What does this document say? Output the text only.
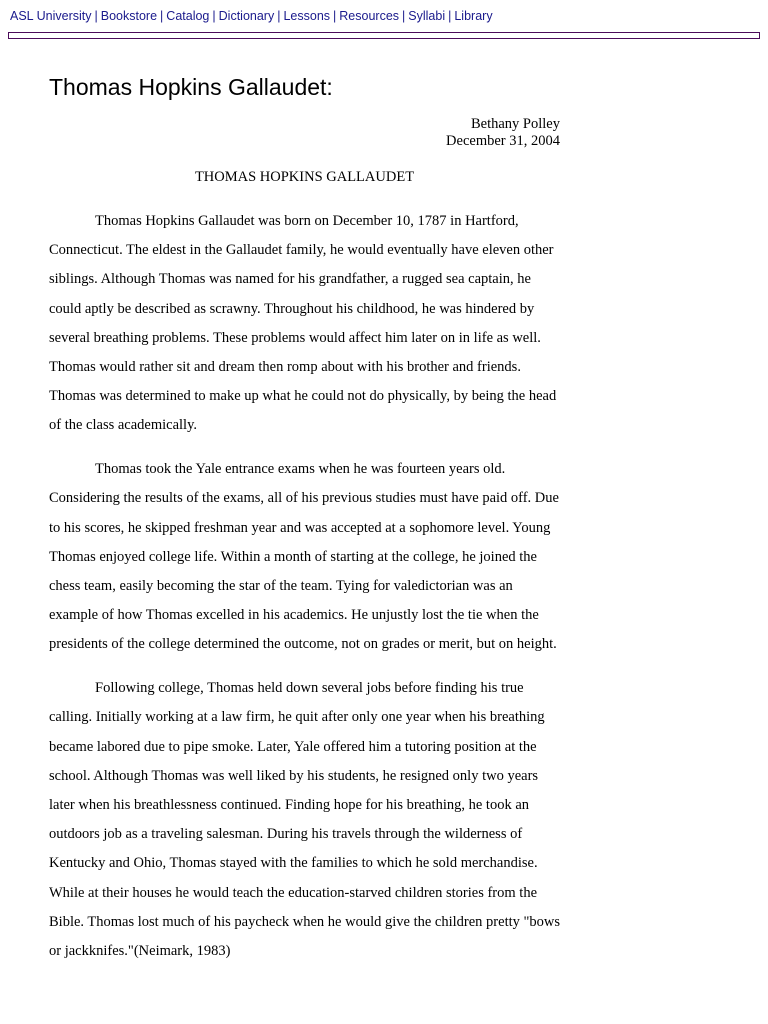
ASL University | Bookstore | Catalog | Dictionary | Lessons | Resources | Syllabi | Library
Thomas Hopkins Gallaudet:
Bethany Polley
December 31, 2004
THOMAS HOPKINS GALLAUDET

Thomas Hopkins Gallaudet was born on December 10, 1787 in Hartford, Connecticut. The eldest in the Gallaudet family, he would eventually have eleven other siblings. Although Thomas was named for his grandfather, a rugged sea captain, he could aptly be described as scrawny. Throughout his childhood, he was hindered by several breathing problems. These problems would affect him later on in life as well. Thomas would rather sit and dream then romp about with his brother and friends. Thomas was determined to make up what he could not do physically, by being the head of the class academically.

Thomas took the Yale entrance exams when he was fourteen years old. Considering the results of the exams, all of his previous studies must have paid off. Due to his scores, he skipped freshman year and was accepted at a sophomore level. Young Thomas enjoyed college life. Within a month of starting at the college, he joined the chess team, easily becoming the star of the team. Tying for valedictorian was an example of how Thomas excelled in his academics. He unjustly lost the tie when the presidents of the college determined the outcome, not on grades or merit, but on height.

Following college, Thomas held down several jobs before finding his true calling. Initially working at a law firm, he quit after only one year when his breathing became labored due to pipe smoke. Later, Yale offered him a tutoring position at the school. Although Thomas was well liked by his students, he resigned only two years later when his breathlessness continued. Finding hope for his breathing, he took an outdoors job as a traveling salesman. During his travels through the wilderness of Kentucky and Ohio, Thomas stayed with the families to which he sold merchandise. While at their houses he would teach the education-starved children stories from the Bible. Thomas lost much of his paycheck when he would give the children pretty "bows or jackknifes."(Neimark, 1983)
